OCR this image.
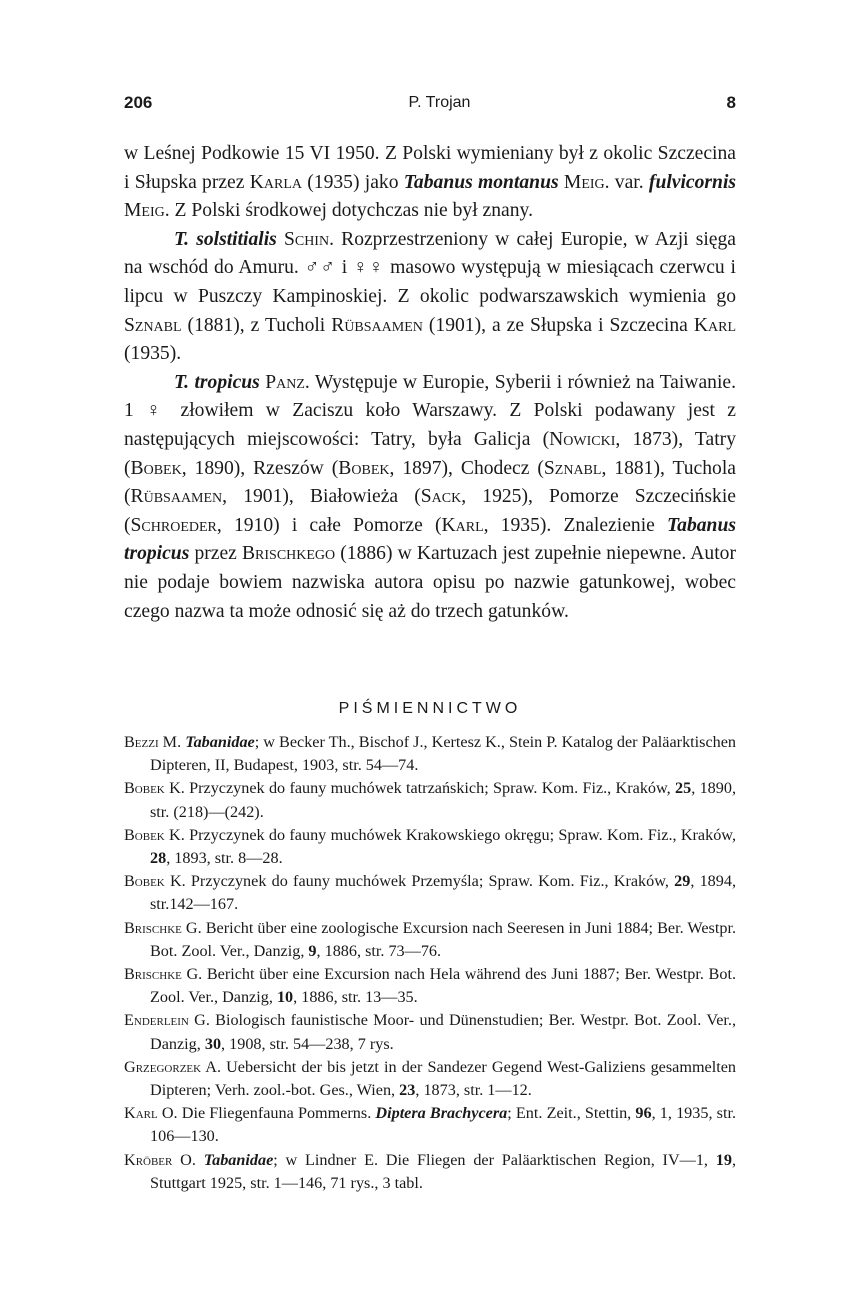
206	P. Trojan	8

w Leśnej Podkowie 15 VI 1950. Z Polski wymieniany był z okolic Szczecina i Słupska przez Karla (1935) jako Tabanus montanus Meig. var. fulvicornis Meig. Z Polski środkowej dotychczas nie był znany.

T. solstitialis Schin. Rozprzestrzeniony w całej Europie, w Azji sięga na wschód do Amuru. ♂♂ i ♀♀ masowo występują w miesiącach czerwcu i lipcu w Puszczy Kampinoskiej. Z okolic podwarszawskich wymienia go Sznabl (1881), z Tucholi Rübsaamen (1901), a ze Słupska i Szczecina Karl (1935).

T. tropicus Panz. Występuje w Europie, Syberii i również na Taiwanie. 1 ♀ złowiłem w Zaciszu koło Warszawy. Z Polski podawany jest z następujących miejscowości: Tatry, była Galicja (Nowicki, 1873), Tatry (Bobek, 1890), Rzeszów (Bobek, 1897), Chodecz (Sznabl, 1881), Tuchola (Rübsaamen, 1901), Białowieża (Sack, 1925), Pomorze Szczecińskie (Schroeder, 1910) i całe Pomorze (Karl, 1935). Znalezienie Tabanus tropicus przez Brischkego (1886) w Kartuzach jest zupełnie niepewne. Autor nie podaje bowiem nazwiska autora opisu po nazwie gatunkowej, wobec czego nazwa ta może odnosić się aż do trzech gatunków.

PIŚMIENNICTWO

Bezzi M. Tabanidae; w Becker Th., Bischof J., Kertesz K., Stein P. Katalog der Paläarktischen Dipteren, II, Budapest, 1903, str. 54—74.

Bobek K. Przyczynek do fauny muchówek tatrzańskich; Spraw. Kom. Fiz., Kraków, 25, 1890, str. (218)—(242).

Bobek K. Przyczynek do fauny muchówek Krakowskiego okręgu; Spraw. Kom. Fiz., Kraków, 28, 1893, str. 8—28.

Bobek K. Przyczynek do fauny muchówek Przemyśla; Spraw. Kom. Fiz., Kraków, 29, 1894, str.142—167.

Brischke G. Bericht über eine zoologische Excursion nach Seeresen in Juni 1884; Ber. Westpr. Bot. Zool. Ver., Danzig, 9, 1886, str. 73—76.

Brischke G. Bericht über eine Excursion nach Hela während des Juni 1887; Ber. Westpr. Bot. Zool. Ver., Danzig, 10, 1886, str. 13—35.

Enderlein G. Biologisch faunistische Moor- und Dünenstudien; Ber. Westpr. Bot. Zool. Ver., Danzig, 30, 1908, str. 54—238, 7 rys.

Grzegorzek A. Uebersicht der bis jetzt in der Sandezer Gegend West-Galiziens gesammelten Dipteren; Verh. zool.-bot. Ges., Wien, 23, 1873, str. 1—12.

Karl O. Die Fliegenfauna Pommerns. Diptera Brachycera; Ent. Zeit., Stettin, 96, 1, 1935, str. 106—130.

Kröber O. Tabanidae; w Lindner E. Die Fliegen der Paläarktischen Region, IV—1, 19, Stuttgart 1925, str. 1—146, 71 rys., 3 tabl.
